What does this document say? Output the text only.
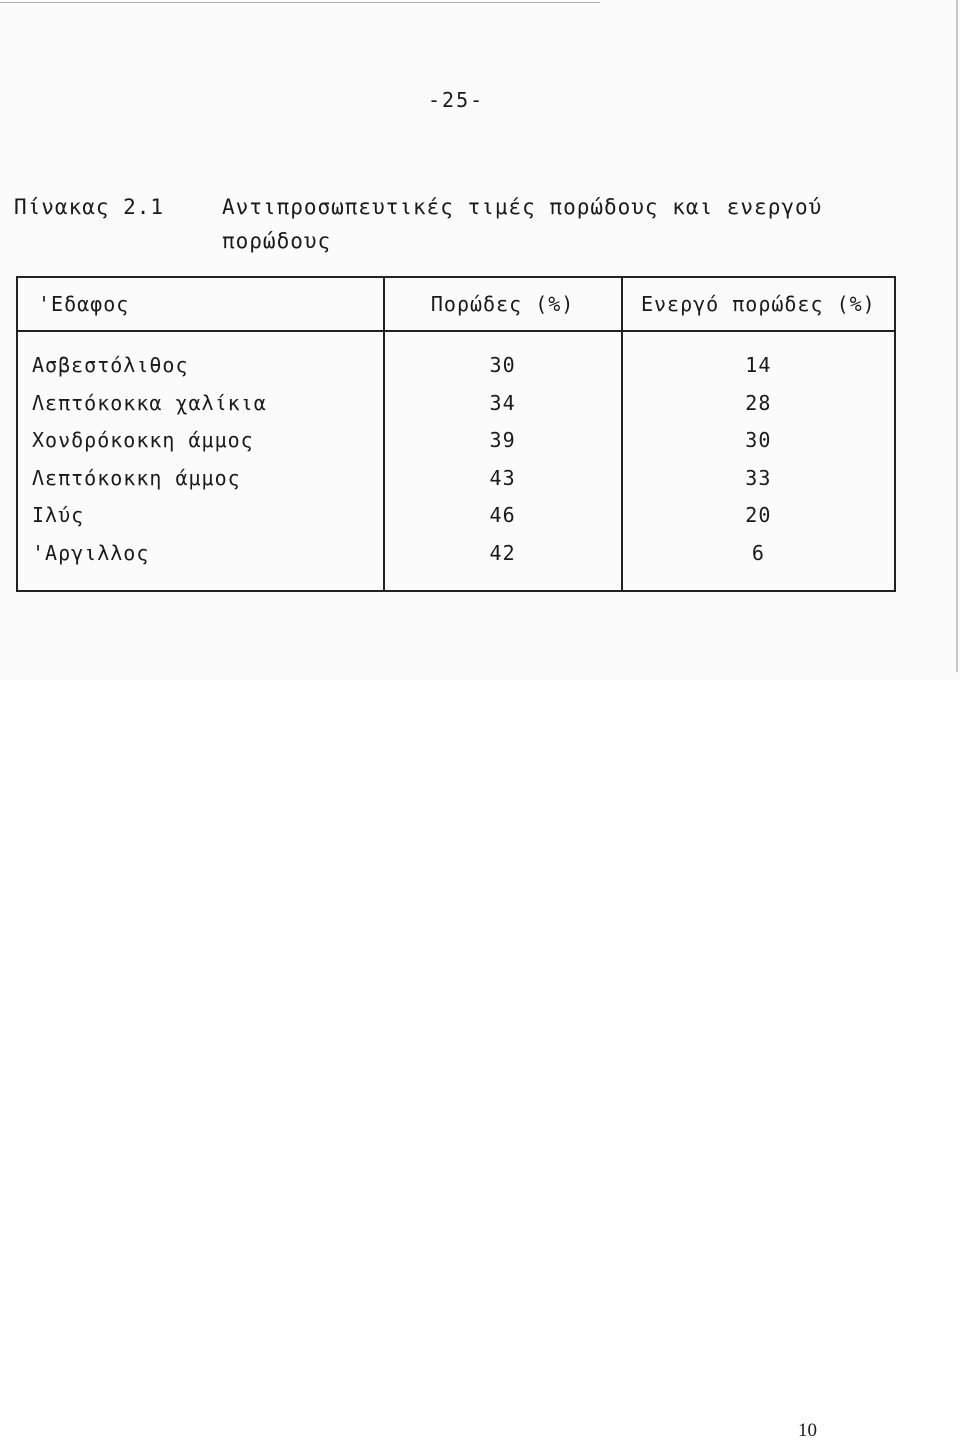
-25-
Πίνακας 2.1	Αντιπροσωπευτικές τιμές πορώδους και ενεργού πορώδους
'Εδαφος	Πορώδες (%)	Ενεργό πορώδες (%)
Ασβεστόλιθος	30	14
Λεπτόκοκκα χαλίκια	34	28
Χονδρόκοκκη άμμος	39	30
Λεπτόκοκκη άμμος	43	33
Ιλύς	46	20
'Αργιλλος	42	6
10
